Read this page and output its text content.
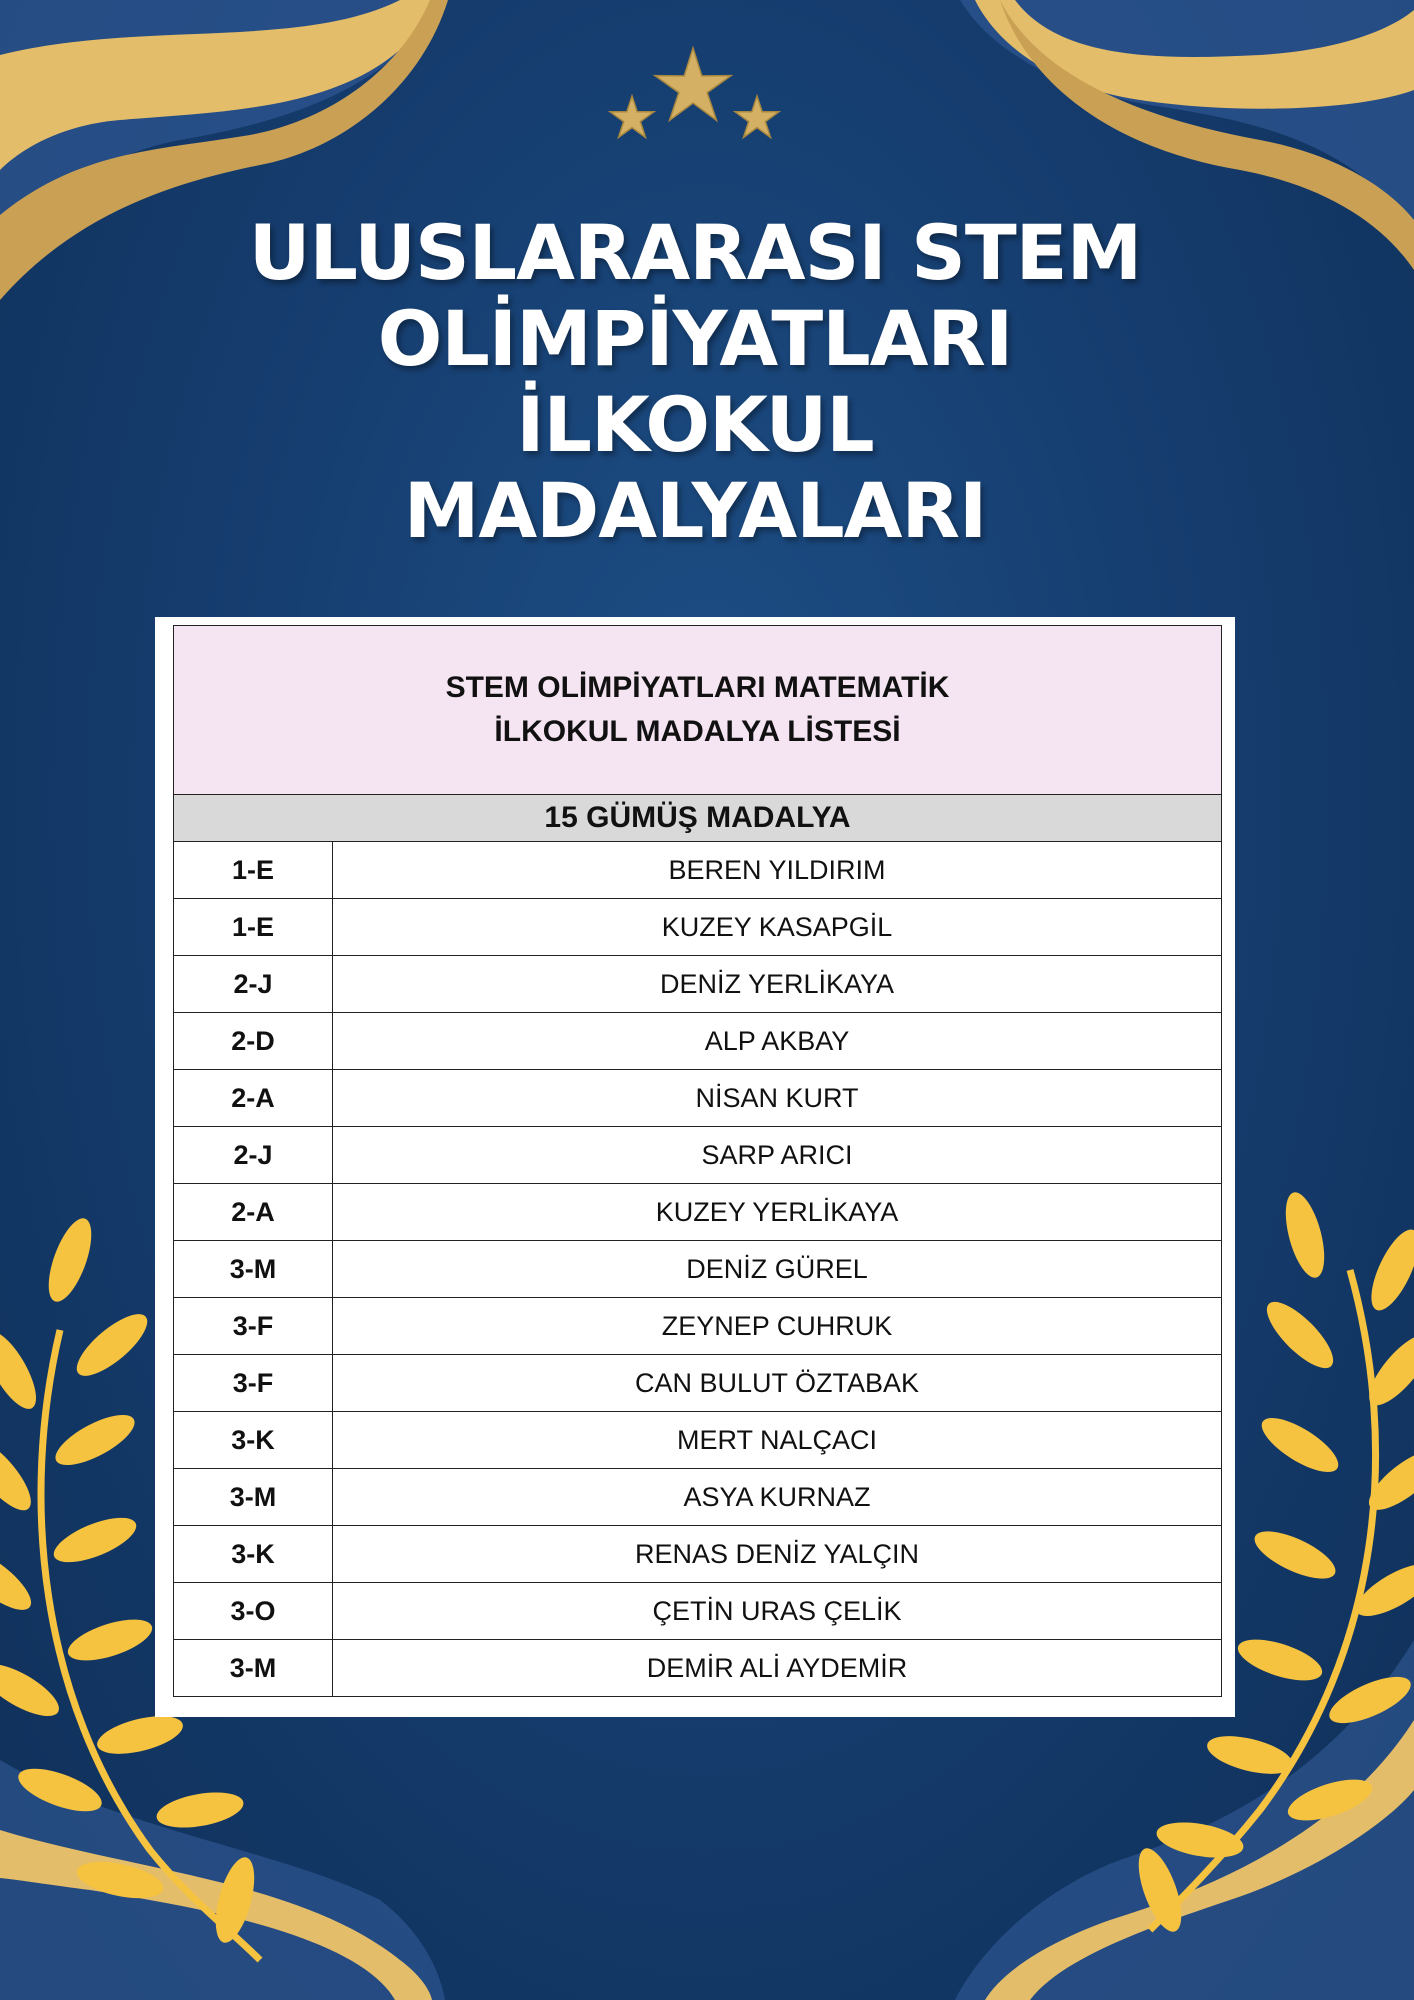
ULUSLARARASI STEM
OLİMPİYATLARI
İLKOKUL
MADALYALARI
STEM OLİMPİYATLARI MATEMATİK
İLKOKUL MADALYA LİSTESİ	

15 GÜMÜŞ MADALYA	
1-E	BEREN YILDIRIM
1-E	KUZEY KASAPGİL
2-J	DENİZ YERLİKAYA
2-D	ALP AKBAY
2-A	NİSAN KURT
2-J	SARP ARICI
2-A	KUZEY YERLİKAYA
3-M	DENİZ GÜREL
3-F	ZEYNEP CUHRUK
3-F	CAN BULUT ÖZTABAK
3-K	MERT NALÇACI
3-M	ASYA KURNAZ
3-K	RENAS DENİZ YALÇIN
3-O	ÇETİN URAS ÇELİK
3-M	DEMİR ALİ AYDEMİR
